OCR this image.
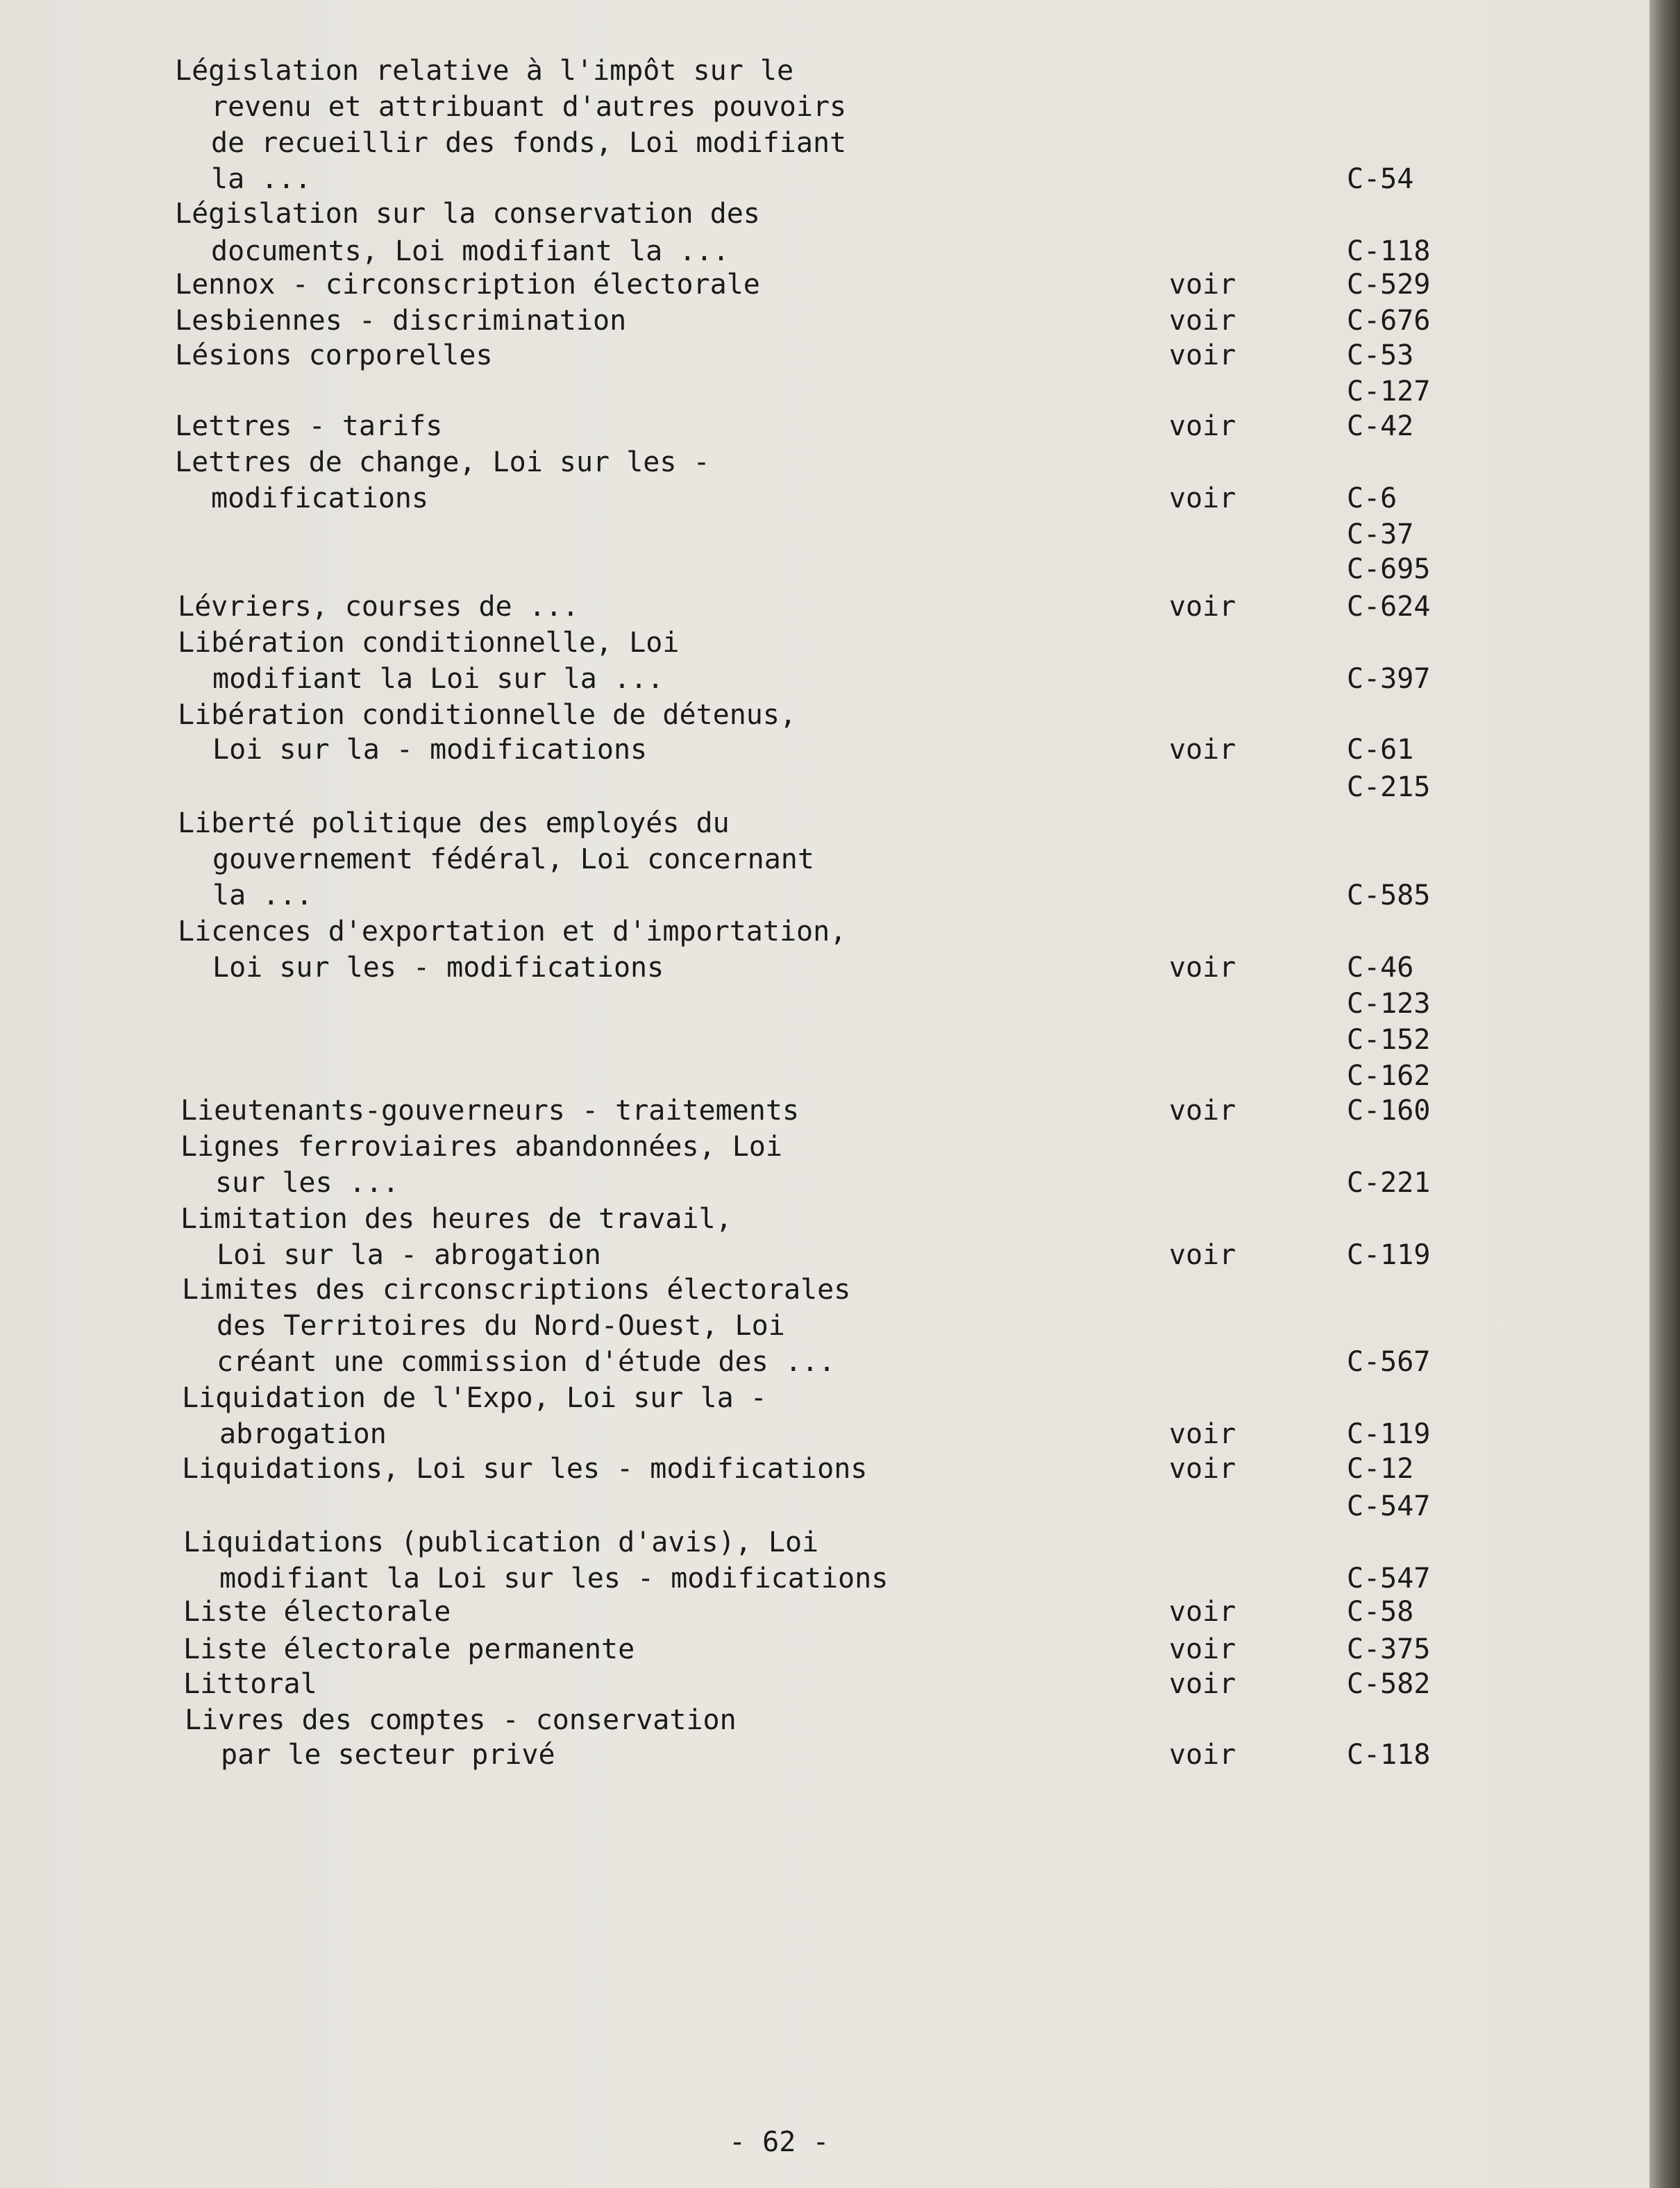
Législation relative à l'impôt sur le
revenu et attribuant d'autres pouvoirs
de recueillir des fonds, Loi modifiant
la ...	C-54
Législation sur la conservation des
documents, Loi modifiant la ...	C-118
Lennox - circonscription électorale	voir	C-529
Lesbiennes - discrimination	voir	C-676
Lésions corporelles	voir	C-53
C-127
Lettres - tarifs	voir	C-42
Lettres de change, Loi sur les -
modifications	voir	C-6
C-37
C-695
Lévriers, courses de ...	voir	C-624
Libération conditionnelle, Loi
modifiant la Loi sur la ...	C-397
Libération conditionnelle de détenus,
Loi sur la - modifications	voir	C-61
C-215
Liberté politique des employés du
gouvernement fédéral, Loi concernant
la ...	C-585
Licences d'exportation et d'importation,
Loi sur les - modifications	voir	C-46
C-123
C-152
C-162
Lieutenants-gouverneurs - traitements	voir	C-160
Lignes ferroviaires abandonnées, Loi
sur les ...	C-221
Limitation des heures de travail,
Loi sur la - abrogation	voir	C-119
Limites des circonscriptions électorales
des Territoires du Nord-Ouest, Loi
créant une commission d'étude des ...	C-567
Liquidation de l'Expo, Loi sur la -
abrogation	voir	C-119
Liquidations, Loi sur les - modifications	voir	C-12
C-547
Liquidations (publication d'avis), Loi
modifiant la Loi sur les - modifications	C-547
Liste électorale	voir	C-58
Liste électorale permanente	voir	C-375
Littoral	voir	C-582
Livres des comptes - conservation
par le secteur privé	voir	C-118
- 62 -
